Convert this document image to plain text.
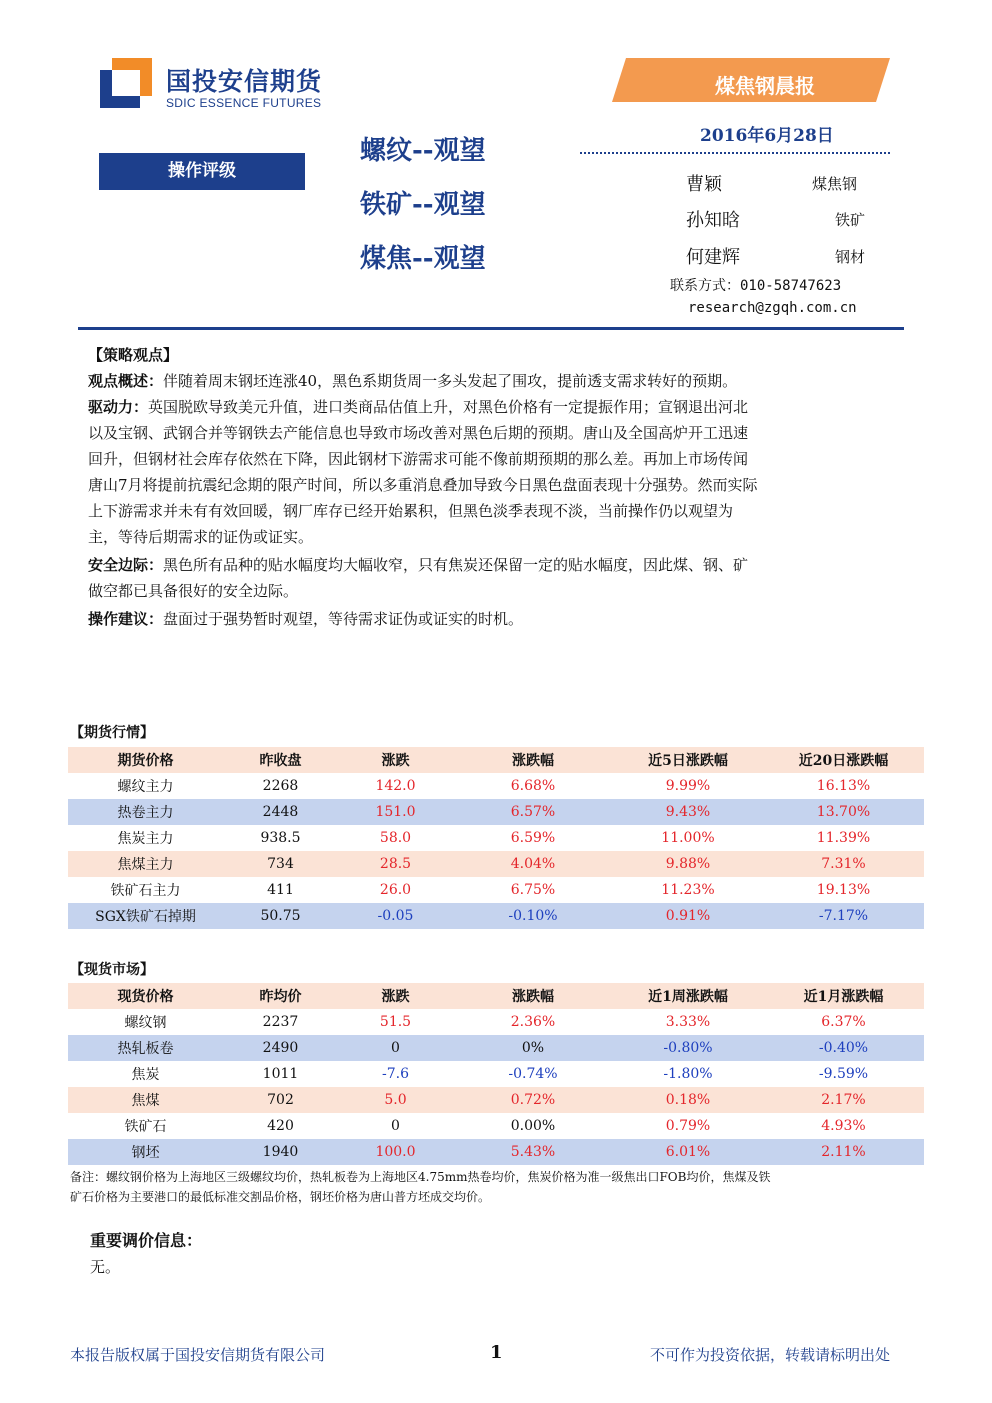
国投安信期货
SDIC ESSENCE FUTURES
煤焦钢晨报
2016年6月28日
操作评级
螺纹--观望
铁矿--观望
煤焦--观望
曹颖	煤焦钢
孙知晗	铁矿
何建辉	钢材
联系方式：010-58747623
research@zgqh.com.cn
【策略观点】
观点概述：伴随着周末钢坯连涨40，黑色系期货周一多头发起了围攻，提前透支需求转好的预期。
驱动力：英国脱欧导致美元升值，进口类商品估值上升，对黑色价格有一定提振作用；宣钢退出河北
以及宝钢、武钢合并等钢铁去产能信息也导致市场改善对黑色后期的预期。唐山及全国高炉开工迅速
回升，但钢材社会库存依然在下降，因此钢材下游需求可能不像前期预期的那么差。再加上市场传闻
唐山7月将提前抗震纪念期的限产时间，所以多重消息叠加导致今日黑色盘面表现十分强势。然而实际
上下游需求并未有有效回暖，钢厂库存已经开始累积，但黑色淡季表现不淡，当前操作仍以观望为
主，等待后期需求的证伪或证实。
安全边际：黑色所有品种的贴水幅度均大幅收窄，只有焦炭还保留一定的贴水幅度，因此煤、钢、矿
做空都已具备很好的安全边际。
操作建议：盘面过于强势暂时观望，等待需求证伪或证实的时机。
【期货行情】
期货价格	昨收盘	涨跌	涨跌幅	近5日涨跌幅	近20日涨跌幅
螺纹主力	2268	142.0	6.68%	9.99%	16.13%
热卷主力	2448	151.0	6.57%	9.43%	13.70%
焦炭主力	938.5	58.0	6.59%	11.00%	11.39%
焦煤主力	734	28.5	4.04%	9.88%	7.31%
铁矿石主力	411	26.0	6.75%	11.23%	19.13%
SGX铁矿石掉期	50.75	-0.05	-0.10%	0.91%	-7.17%
【现货市场】
现货价格	昨均价	涨跌	涨跌幅	近1周涨跌幅	近1月涨跌幅
螺纹钢	2237	51.5	2.36%	3.33%	6.37%
热轧板卷	2490	0	0%	-0.80%	-0.40%
焦炭	1011	-7.6	-0.74%	-1.80%	-9.59%
焦煤	702	5.0	0.72%	0.18%	2.17%
铁矿石	420	0	0.00%	0.79%	4.93%
钢坯	1940	100.0	5.43%	6.01%	2.11%
备注：螺纹钢价格为上海地区三级螺纹均价，热轧板卷为上海地区4.75mm热卷均价，焦炭价格为准一级焦出口FOB均价，焦煤及铁
矿石价格为主要港口的最低标准交割品价格，钢坯价格为唐山普方坯成交均价。
重要调价信息：
无。
本报告版权属于国投安信期货有限公司	1	不可作为投资依据，转载请标明出处
